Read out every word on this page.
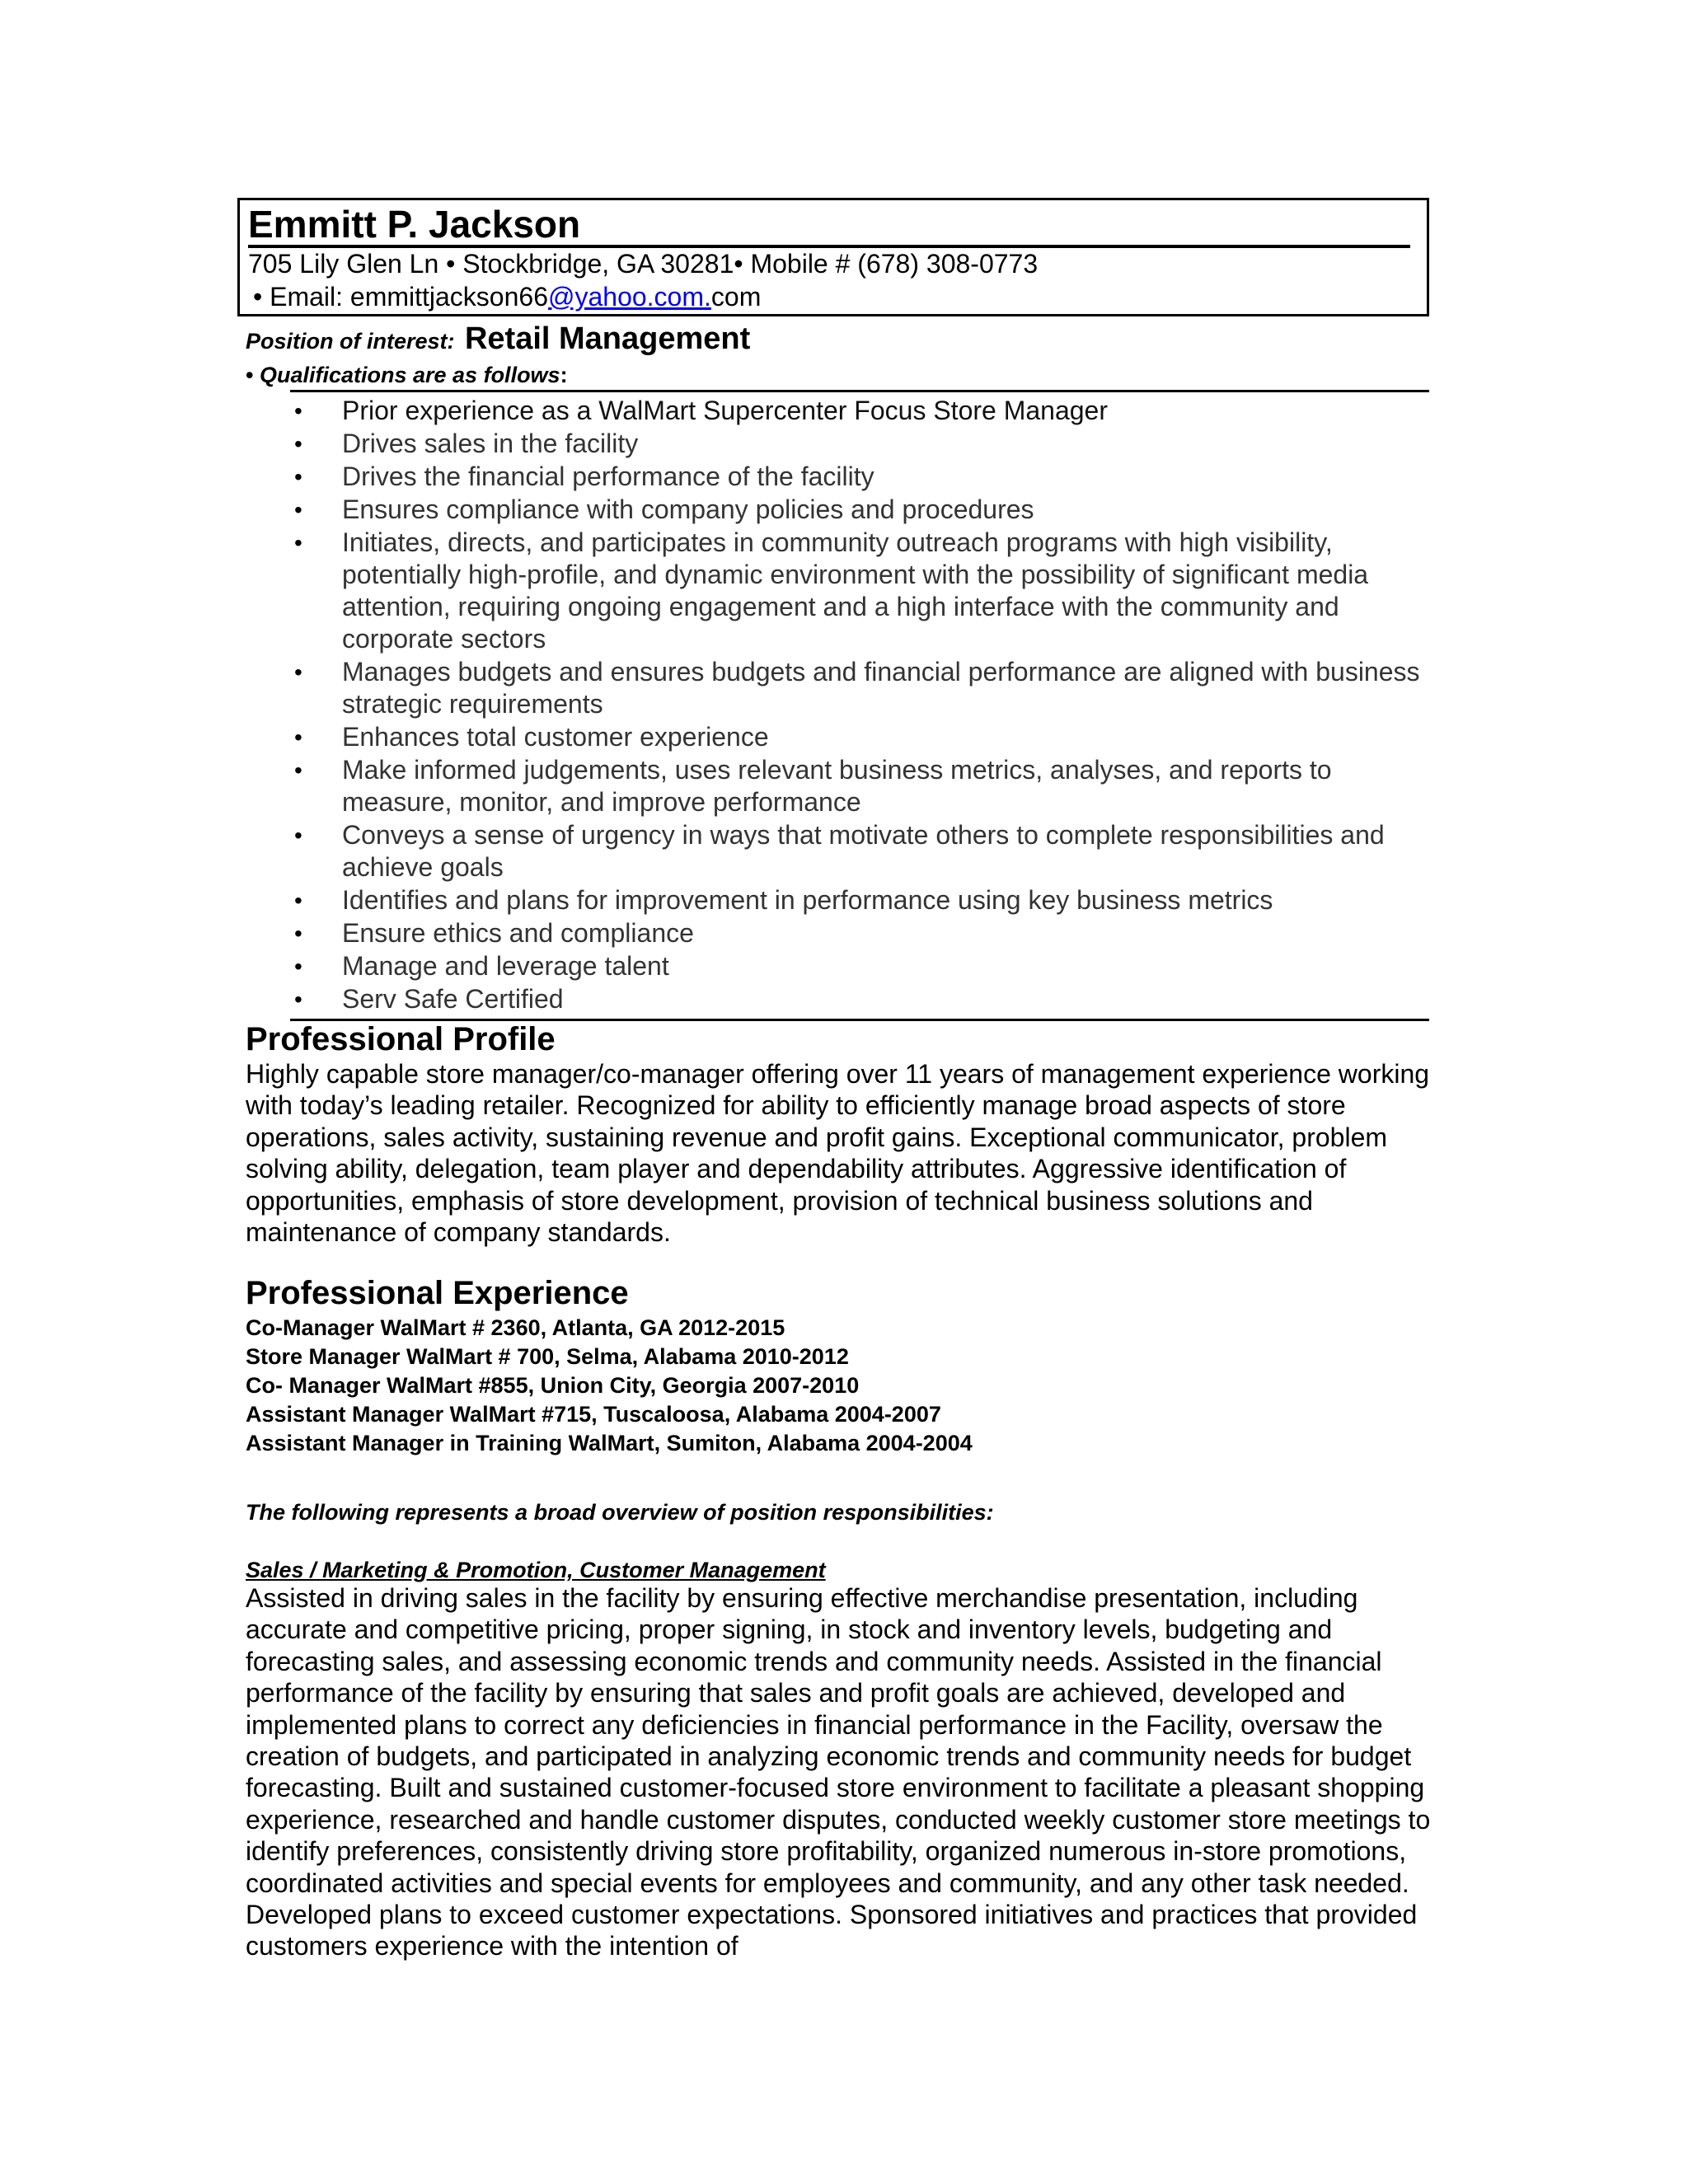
Emmitt P. Jackson
705 Lily Glen Ln • Stockbridge, GA 30281• Mobile # (678) 308-0773
• Email: emmittjackson66@yahoo.com.com
Position of interest: Retail Management
• Qualifications are as follows:
• Prior experience as a WalMart Supercenter Focus Store Manager
• Drives sales in the facility
• Drives the financial performance of the facility
• Ensures compliance with company policies and procedures
• Initiates, directs, and participates in community outreach programs with high visibility, potentially high-profile, and dynamic environment with the possibility of significant media attention, requiring ongoing engagement and a high interface with the community and corporate sectors
• Manages budgets and ensures budgets and financial performance are aligned with business strategic requirements
• Enhances total customer experience
• Make informed judgements, uses relevant business metrics, analyses, and reports to measure, monitor, and improve performance
• Conveys a sense of urgency in ways that motivate others to complete responsibilities and achieve goals
• Identifies and plans for improvement in performance using key business metrics
• Ensure ethics and compliance
• Manage and leverage talent
• Serv Safe Certified
Professional Profile

Highly capable store manager/co-manager offering over 11 years of management experience working with today’s leading retailer. Recognized for ability to efficiently manage broad aspects of store operations, sales activity, sustaining revenue and profit gains. Exceptional communicator, problem solving ability, delegation, team player and dependability attributes. Aggressive identification of opportunities, emphasis of store development, provision of technical business solutions and maintenance of company standards.

Professional Experience
Co-Manager WalMart # 2360, Atlanta, GA 2012-2015
Store Manager WalMart # 700, Selma, Alabama 2010-2012
Co- Manager WalMart #855, Union City, Georgia 2007-2010
Assistant Manager WalMart #715, Tuscaloosa, Alabama 2004-2007
Assistant Manager in Training WalMart, Sumiton, Alabama 2004-2004
The following represents a broad overview of position responsibilities:
Sales / Marketing & Promotion, Customer Management

Assisted in driving sales in the facility by ensuring effective merchandise presentation, including accurate and competitive pricing, proper signing, in stock and inventory levels, budgeting and forecasting sales, and assessing economic trends and community needs. Assisted in the financial performance of the facility by ensuring that sales and profit goals are achieved, developed and implemented plans to correct any deficiencies in financial performance in the Facility, oversaw the creation of budgets, and participated in analyzing economic trends and community needs for budget forecasting. Built and sustained customer-focused store environment to facilitate a pleasant shopping experience, researched and handle customer disputes, conducted weekly customer store meetings to identify preferences, consistently driving store profitability, organized numerous in-store promotions, coordinated activities and special events for employees and community, and any other task needed. Developed plans to exceed customer expectations. Sponsored initiatives and practices that provided customers experience with the intention of
